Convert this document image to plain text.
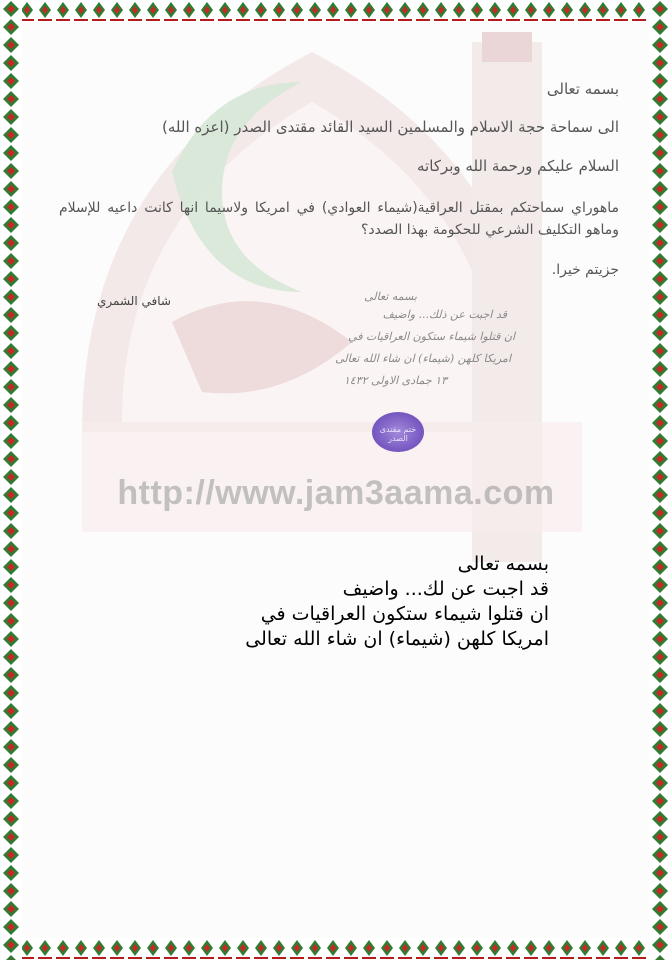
بسمه تعالى
الى سماحة حجة الاسلام والمسلمين السيد القائد مقتدى الصدر (اعزه الله)
السلام عليكم ورحمة الله وبركاته
ماهوراي سماحتكم بمقتل العراقية(شيماء العوادي) في امريكا ولاسيما انها كانت داعيه للإسلام وماهو التكليف الشرعي للحكومة بهذا الصدد؟
جزيتم خيرا.
شافي الشمري	بسمه تعالى
قد اجبت عن ذلك... واضيف
ان قتلوا شيماء ستكون العراقيات في
امريكا كلهن (شيماء) ان شاء الله تعالى
١٣ جمادى الاولى ١٤٣٢
ختم مقتدى الصدر
http://www.jam3aama.com
بسمه تعالى
قد اجبت عن لك... واضيف
ان قتلوا شيماء ستكون العراقيات في
امريكا كلهن (شيماء) ان شاء الله تعالى
